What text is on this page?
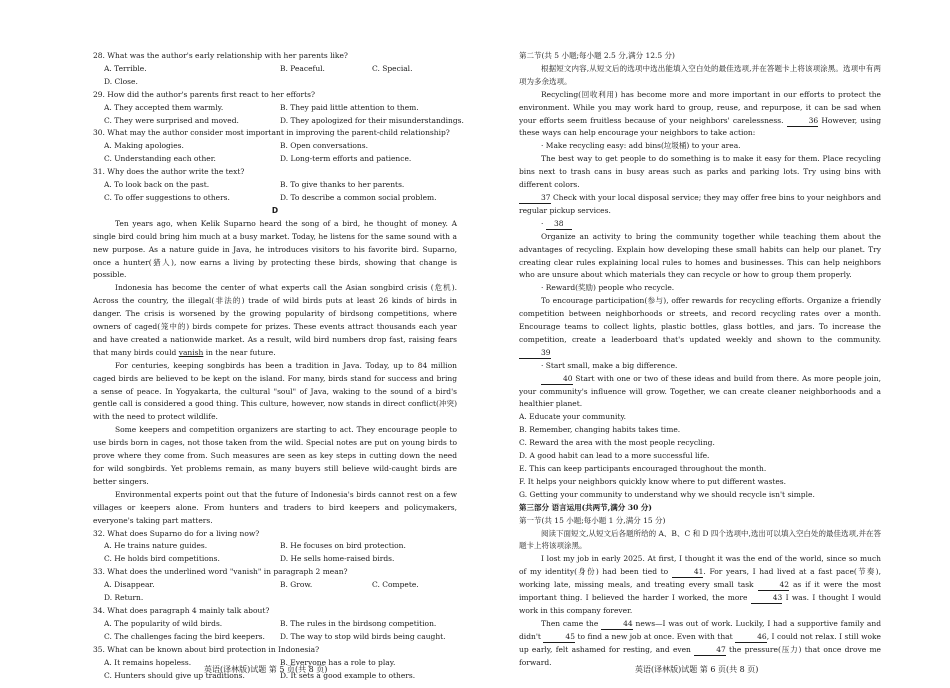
28. What was the author's early relationship with her parents like?

A. Terrible.	B. Peaceful.	C. Special.
D. Close.

29. How did the author's parents first react to her efforts?

A. They accepted them warmly.	B. They paid little attention to them.
C. They were surprised and moved.	D. They apologized for their misunderstandings.

30. What may the author consider most important in improving the parent-child relationship?

A. Making apologies.	B. Open conversations.
C. Understanding each other.	D. Long-term efforts and patience.

31. Why does the author write the text?

A. To look back on the past.	B. To give thanks to her parents.
C. To offer suggestions to others.	D. To describe a common social problem.

D

Ten years ago, when Kelik Suparno heard the song of a bird, he thought of money. A single bird could bring him much at a busy market. Today, he listens for the same sound with a new purpose. As a nature guide in Java, he introduces visitors to his favorite bird. Suparno, once a hunter(猎人), now earns a living by protecting these birds, showing that change is possible.

Indonesia has become the center of what experts call the Asian songbird crisis (危机). Across the country, the illegal(非法的) trade of wild birds puts at least 26 kinds of birds in danger. The crisis is worsened by the growing popularity of birdsong competitions, where owners of caged(笼中的) birds compete for prizes. These events attract thousands each year and have created a nationwide market. As a result, wild bird numbers drop fast, raising fears that many birds could vanish in the near future.

For centuries, keeping songbirds has been a tradition in Java. Today, up to 84 million caged birds are believed to be kept on the island. For many, birds stand for success and bring a sense of peace. In Yogyakarta, the cultural "soul" of Java, waking to the sound of a bird's gentle call is considered a good thing. This culture, however, now stands in direct conflict(冲突) with the need to protect wildlife.

Some keepers and competition organizers are starting to act. They encourage people to use birds born in cages, not those taken from the wild. Special notes are put on young birds to prove where they come from. Such measures are seen as key steps in cutting down the need for wild songbirds. Yet problems remain, as many buyers still believe wild-caught birds are better singers.

Environmental experts point out that the future of Indonesia's birds cannot rest on a few villages or keepers alone. From hunters and traders to bird keepers and policymakers, everyone's taking part matters.

32. What does Suparno do for a living now?

A. He trains nature guides.	B. He focuses on bird protection.
C. He holds bird competitions.	D. He sells home-raised birds.

33. What does the underlined word "vanish" in paragraph 2 mean?

A. Disappear.	B. Grow.	C. Compete.
D. Return.

34. What does paragraph 4 mainly talk about?

A. The popularity of wild birds.	B. The rules in the birdsong competition.
C. The challenges facing the bird keepers.	D. The way to stop wild birds being caught.

35. What can be known about bird protection in Indonesia?

A. It remains hopeless.	B. Everyone has a role to play.
C. Hunters should give up traditions.	D. It sets a good example to others.
英语(译林版)试题 第 5 页(共 8 页)

第二节(共 5 小题;每小题 2.5 分,满分 12.5 分)

根据短文内容,从短文后的选项中选出能填入空白处的最佳选项,并在答题卡上将该项涂黑。选项中有两项为多余选项。

Recycling(回收利用) has become more and more important in our efforts to protect the environment. While you may work hard to group, reuse, and repurpose, it can be sad when your efforts seem fruitless because of your neighbors' carelessness.	36 However, using these ways can help encourage your neighbors to take action:

· Make recycling easy: add bins(垃圾桶) to your area.

The best way to get people to do something is to make it easy for them. Place recycling bins next to trash cans in busy areas such as parks and parking lots. Try using bins with different colors.
37 Check with your local disposal service; they may offer free bins to your neighbors and regular pickup services.

· 38

Organize an activity to bring the community together while teaching them about the advantages of recycling. Explain how developing these small habits can help our planet. Try creating clear rules explaining local rules to homes and businesses. This can help neighbors who are unsure about which materials they can recycle or how to group them properly.

· Reward(奖励) people who recycle.

To encourage participation(参与), offer rewards for recycling efforts. Organize a friendly competition between neighborhoods or streets, and record recycling rates over a month. Encourage teams to collect lights, plastic bottles, glass bottles, and jars. To increase the competition, create a leaderboard that's updated weekly and shown to the community. 39

· Start small, make a big difference.

40 Start with one or two of these ideas and build from there. As more people join, your community's influence will grow. Together, we can create cleaner neighborhoods and a healthier planet.

A. Educate your community.

B. Remember, changing habits takes time.

C. Reward the area with the most people recycling.

D. A good habit can lead to a more successful life.

E. This can keep participants encouraged throughout the month.

F. It helps your neighbors quickly know where to put different wastes.

G. Getting your community to understand why we should recycle isn't simple.

第三部分 语言运用(共两节,满分 30 分)

第一节(共 15 小题;每小题 1 分,满分 15 分)

阅读下面短文,从短文后各题所给的 A、B、C 和 D 四个选项中,选出可以填入空白处的最佳选项,并在答题卡上将该项涂黑。

I lost my job in early 2025. At first, I thought it was the end of the world, since so much of my identity(身份) had been tied to	41. For years, I had lived at a fast pace(节奏), working late, missing meals, and treating every small task	42 as if it were the most important thing. I believed the harder I worked, the more	43 I was. I thought I would work in this company forever.

Then came the	44 news—I was out of work. Luckily, I had a supportive family and didn't	45 to find a new job at once. Even with that	46, I could not relax. I still woke up early, felt ashamed for resting, and even	47 the pressure(压力) that once drove me forward.

英语(译林版)试题 第 6 页(共 8 页)
